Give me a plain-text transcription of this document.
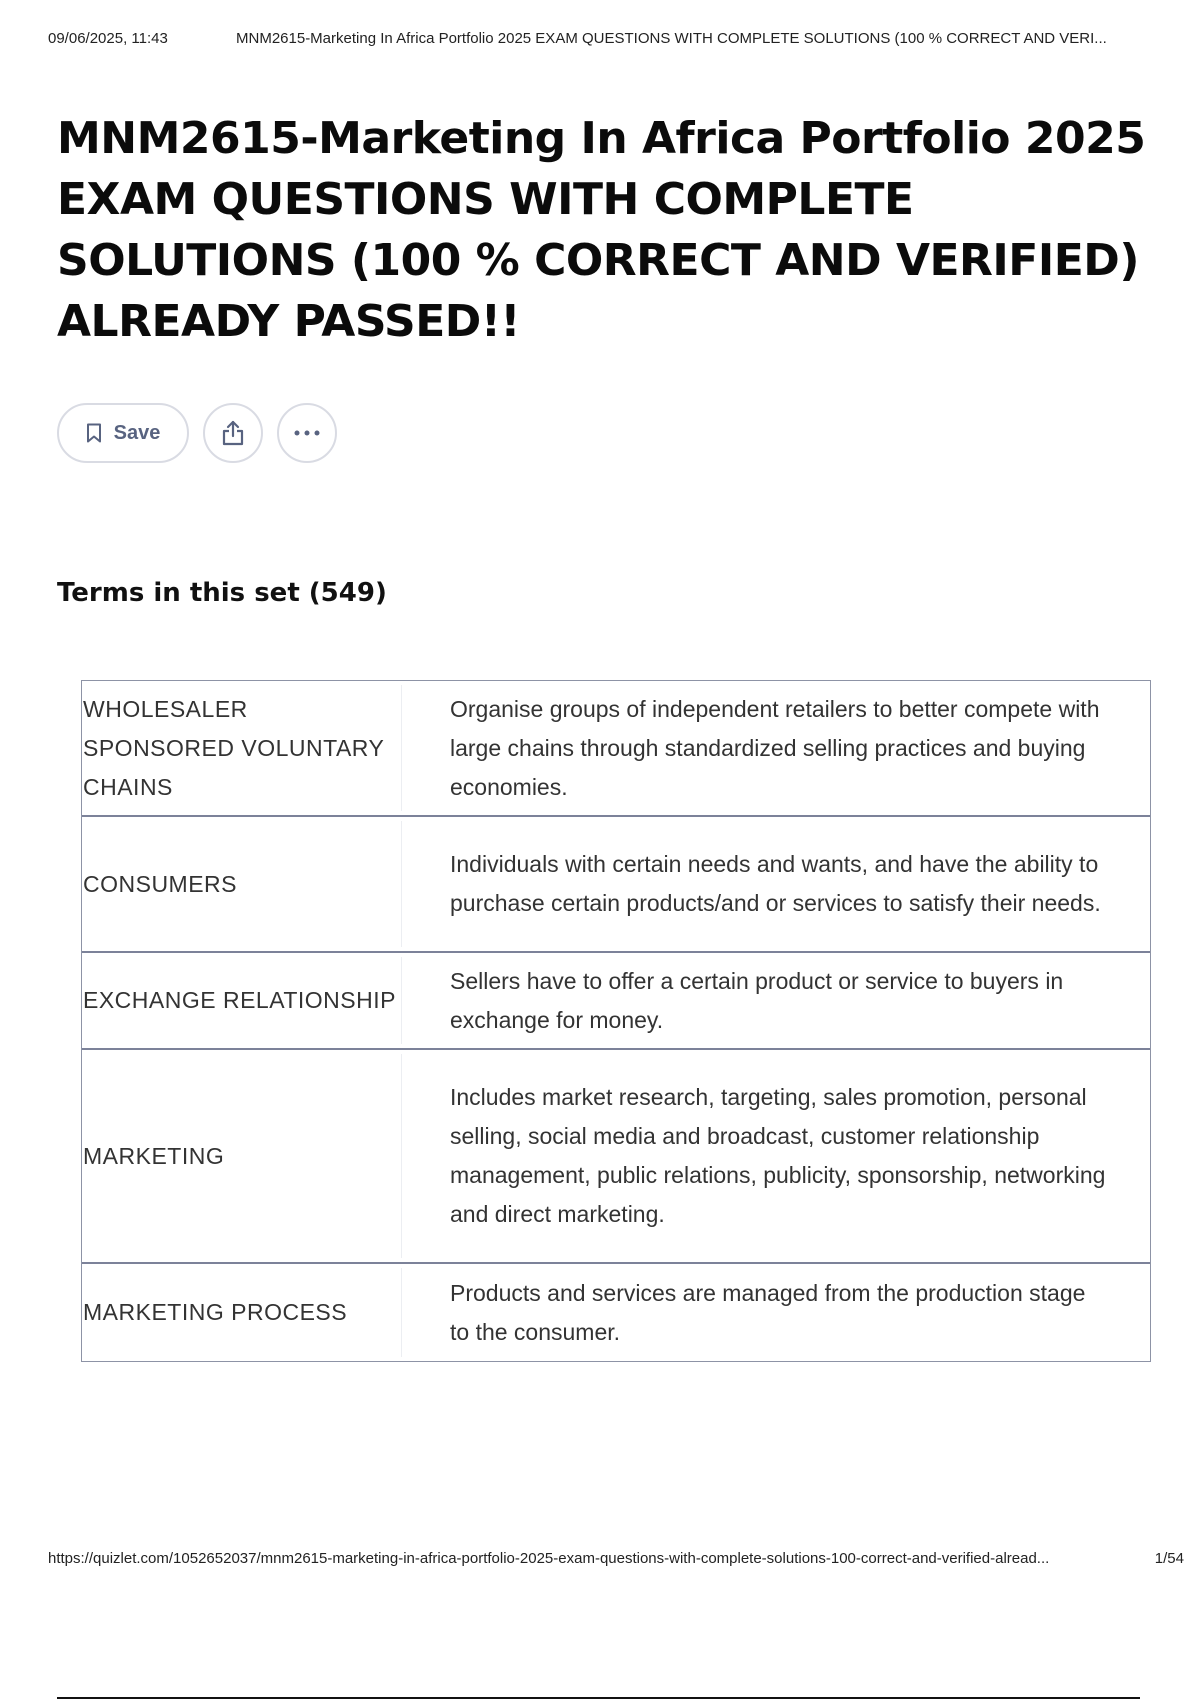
09/06/2025, 11:43	MNM2615-Marketing In Africa Portfolio 2025 EXAM QUESTIONS WITH COMPLETE SOLUTIONS (100 % CORRECT AND VERI...
MNM2615-Marketing In Africa Portfolio 2025 EXAM QUESTIONS WITH COMPLETE SOLUTIONS (100 % CORRECT AND VERIFIED) ALREADY PASSED!!
Save
Terms in this set (549)
WHOLESALER SPONSORED VOLUNTARY CHAINS
Organise groups of independent retailers to better compete with large chains through standardized selling practices and buying economies.
CONSUMERS
Individuals with certain needs and wants, and have the ability to purchase certain products/and or services to satisfy their needs.
EXCHANGE RELATIONSHIP
Sellers have to offer a certain product or service to buyers in exchange for money.
MARKETING
Includes market research, targeting, sales promotion, personal selling, social media and broadcast, customer relationship management, public relations, publicity, sponsorship, networking and direct marketing.
MARKETING PROCESS
Products and services are managed from the production stage to the consumer.
https://quizlet.com/1052652037/mnm2615-marketing-in-africa-portfolio-2025-exam-questions-with-complete-solutions-100-correct-and-verified-alread...	1/54
